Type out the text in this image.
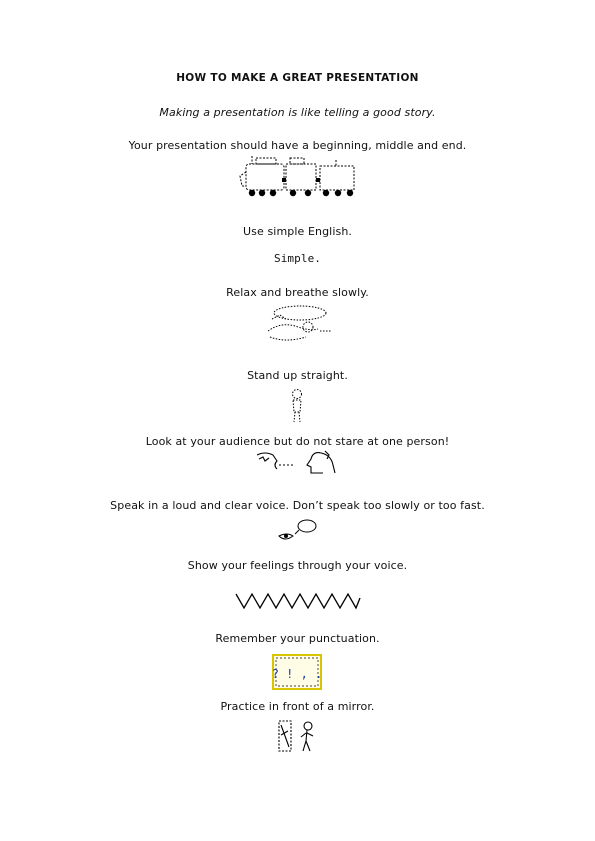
HOW TO MAKE A GREAT PRESENTATION
Making a presentation is like telling a good story.
Your presentation should have a beginning, middle and end.
Use simple English.
Simple.
Relax and breathe slowly.
Stand up straight.
Look at your audience but do not stare at one person!
Speak in a loud and clear voice. Don’t speak too slowly or too fast.
Show your feelings through your voice.
Remember your punctuation.
? ! , .
Practice in front of a mirror.
